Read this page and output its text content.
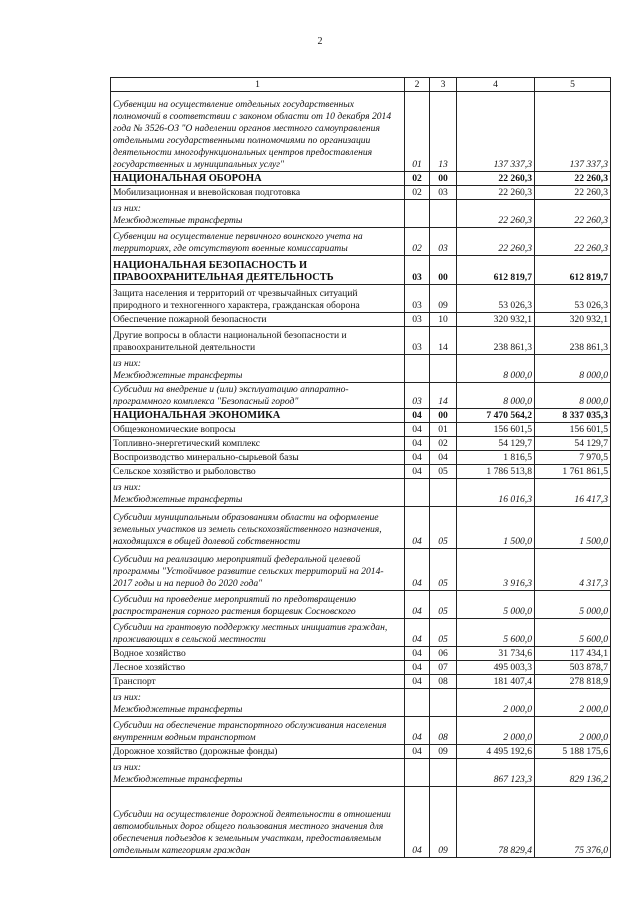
2
1	2	3	4	5
Субвенции на осуществление отдельных государственных полномочий в соответствии с законом области от 10 декабря 2014 года № 3526-ОЗ "О наделении органов местного самоуправления отдельными государственными полномочиями по организации деятельности многофункциональных центров предоставления государственных и муниципальных услуг"	01	13	137 337,3	137 337,3
НАЦИОНАЛЬНАЯ ОБОРОНА	02	00	22 260,3	22 260,3
Мобилизационная и вневойсковая подготовка	02	03	22 260,3	22 260,3
из них:
Межбюджетные трансферты			22 260,3	22 260,3
Субвенции на осуществление первичного воинского учета на территориях, где отсутствуют военные комиссариаты	02	03	22 260,3	22 260,3
НАЦИОНАЛЬНАЯ БЕЗОПАСНОСТЬ И ПРАВООХРАНИТЕЛЬНАЯ ДЕЯТЕЛЬНОСТЬ	03	00	612 819,7	612 819,7
Защита населения и территорий от чрезвычайных ситуаций природного и техногенного характера, гражданская оборона	03	09	53 026,3	53 026,3
Обеспечение пожарной безопасности	03	10	320 932,1	320 932,1
Другие вопросы в области национальной безопасности и правоохранительной деятельности	03	14	238 861,3	238 861,3
из них:
Межбюджетные трансферты			8 000,0	8 000,0
Субсидии на внедрение и (или) эксплуатацию аппаратно-программного комплекса "Безопасный город"	03	14	8 000,0	8 000,0
НАЦИОНАЛЬНАЯ ЭКОНОМИКА	04	00	7 470 564,2	8 337 035,3
Общеэкономические вопросы	04	01	156 601,5	156 601,5
Топливно-энергетический комплекс	04	02	54 129,7	54 129,7
Воспроизводство минерально-сырьевой базы	04	04	1 816,5	7 970,5
Сельское хозяйство и рыболовство	04	05	1 786 513,8	1 761 861,5
из них:
Межбюджетные трансферты			16 016,3	16 417,3
Субсидии муниципальным образованиям области на оформление земельных участков из земель сельскохозяйственного назначения, находящихся в общей долевой собственности	04	05	1 500,0	1 500,0
Субсидии на реализацию мероприятий федеральной целевой программы "Устойчивое развитие сельских территорий на 2014-2017 годы и на период до 2020 года"	04	05	3 916,3	4 317,3
Субсидии на проведение мероприятий по предотвращению распространения сорного растения борщевик Сосновского	04	05	5 000,0	5 000,0
Субсидии на грантовую поддержку местных инициатив граждан, проживающих в сельской местности	04	05	5 600,0	5 600,0
Водное хозяйство	04	06	31 734,6	117 434,1
Лесное хозяйство	04	07	495 003,3	503 878,7
Транспорт	04	08	181 407,4	278 818,9
из них:
Межбюджетные трансферты			2 000,0	2 000,0
Субсидии на обеспечение транспортного обслуживания населения внутренним водным транспортом	04	08	2 000,0	2 000,0
Дорожное хозяйство (дорожные фонды)	04	09	4 495 192,6	5 188 175,6
из них:
Межбюджетные трансферты			867 123,3	829 136,2
Субсидии на осуществление дорожной деятельности в отношении автомобильных дорог общего пользования местного значения для обеспечения подъездов к земельным участкам, предоставляемым отдельным категориям граждан	04	09	78 829,4	75 376,0
